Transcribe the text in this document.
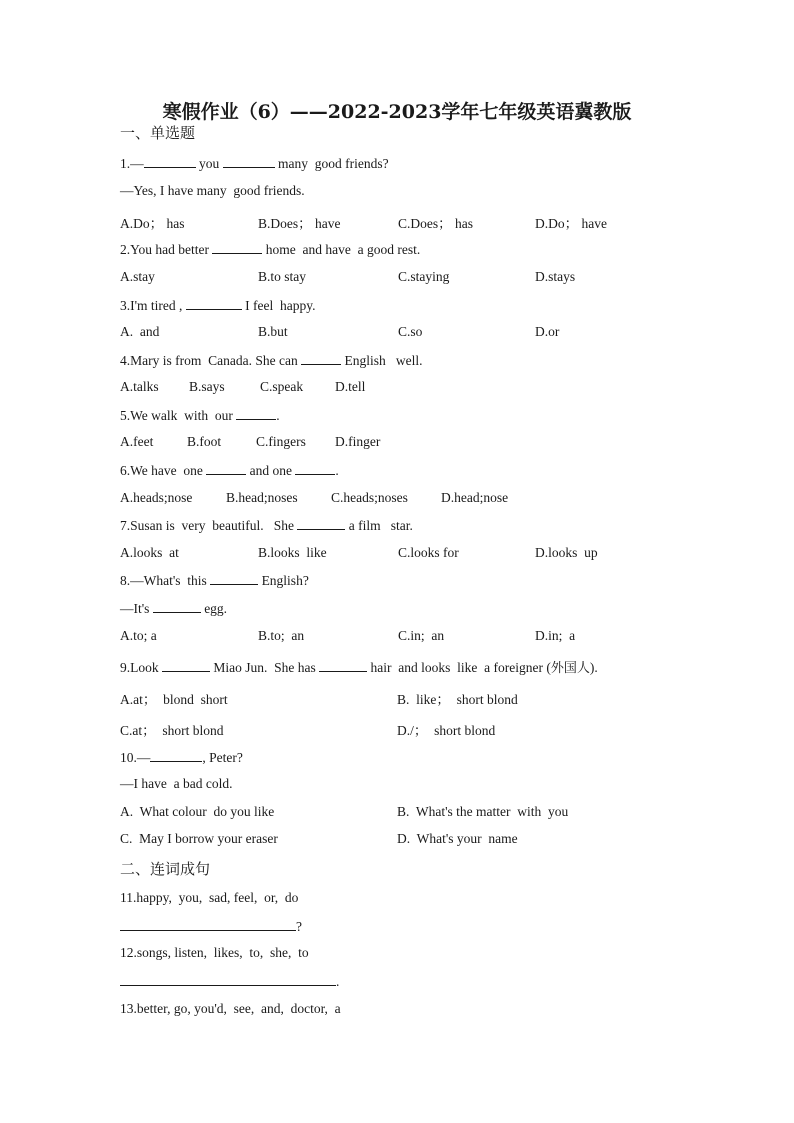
寒假作业（6）——2022-2023学年七年级英语冀教版
一、单选题
1.—	you	many  good friends?
—Yes, I have many  good friends.
A.Do； has	B.Does； have	C.Does； has	D.Do； have
2.You had better	home  and have  a good rest.
A.stay	B.to stay	C.staying	D.stays
3.I'm tired ,	I feel  happy.
A.  and	B.but	C.so	D.or
4.Mary is from  Canada. She can	English   well.
A.talks B.says	C.speak D.tell
5.We walk  with  our	.
A.feet B.foot	C.fingers D.finger
6.We have  one	and one	.
A.heads;nose B.head;noses C.heads;noses D.head;nose
7.Susan is  very  beautiful.   She	a film   star.
A.looks  at	B.looks  like	C.looks for	D.looks  up
8.—What's  this	English?
—It's	egg.
A.to; a	B.to;  an	C.in;  an	D.in;  a
9.Look	Miao Jun.  She has	hair  and looks  like  a foreigner (外国人).
A.at；  blond  short	B.  like；  short blond
C.at；  short blond	D./；  short blond
10.—	, Peter?
—I have  a bad cold.
A.  What colour  do you like	B.  What's the matter  with  you
C.  May I borrow your eraser	D.  What's your  name
二、连词成句
11.happy,  you,  sad, feel,  or,  do
?
12.songs, listen,  likes,  to,  she,  to
.
13.better, go, you'd,  see,  and,  doctor,  a
